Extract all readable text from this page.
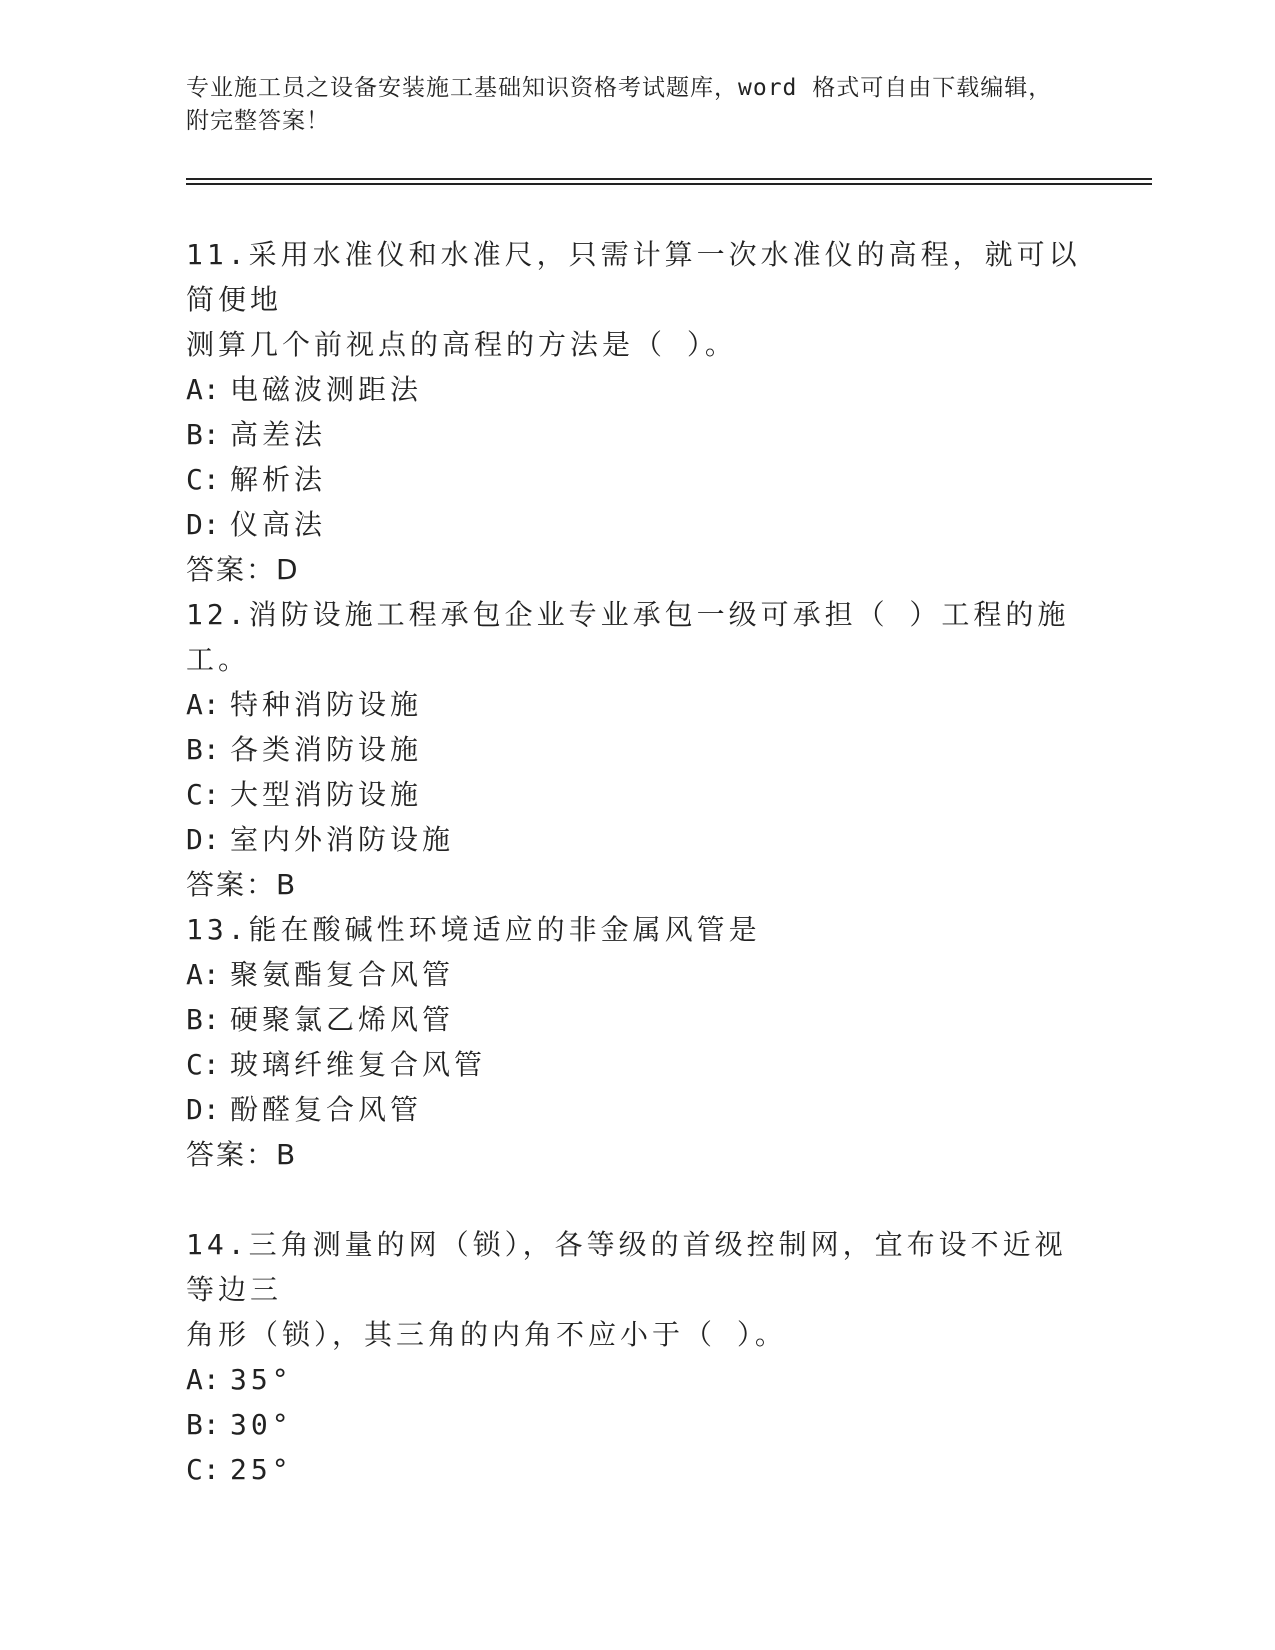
专业施工员之设备安装施工基础知识资格考试题库，word 格式可自由下载编辑，
附完整答案！
11.采用水准仪和水准尺，只需计算一次水准仪的高程，就可以简便地
测算几个前视点的高程的方法是（ ）。
A: 电磁波测距法
B: 高差法
C: 解析法
D: 仪高法
答案：D
12.消防设施工程承包企业专业承包一级可承担（ ）工程的施工。
A: 特种消防设施
B: 各类消防设施
C: 大型消防设施
D: 室内外消防设施
答案：B
13.能在酸碱性环境适应的非金属风管是
A: 聚氨酯复合风管
B: 硬聚氯乙烯风管
C: 玻璃纤维复合风管
D: 酚醛复合风管
答案：B
14.三角测量的网（锁），各等级的首级控制网，宜布设不近视等边三
角形（锁），其三角的内角不应小于（ ）。
A: 35°
B: 30°
C: 25°
